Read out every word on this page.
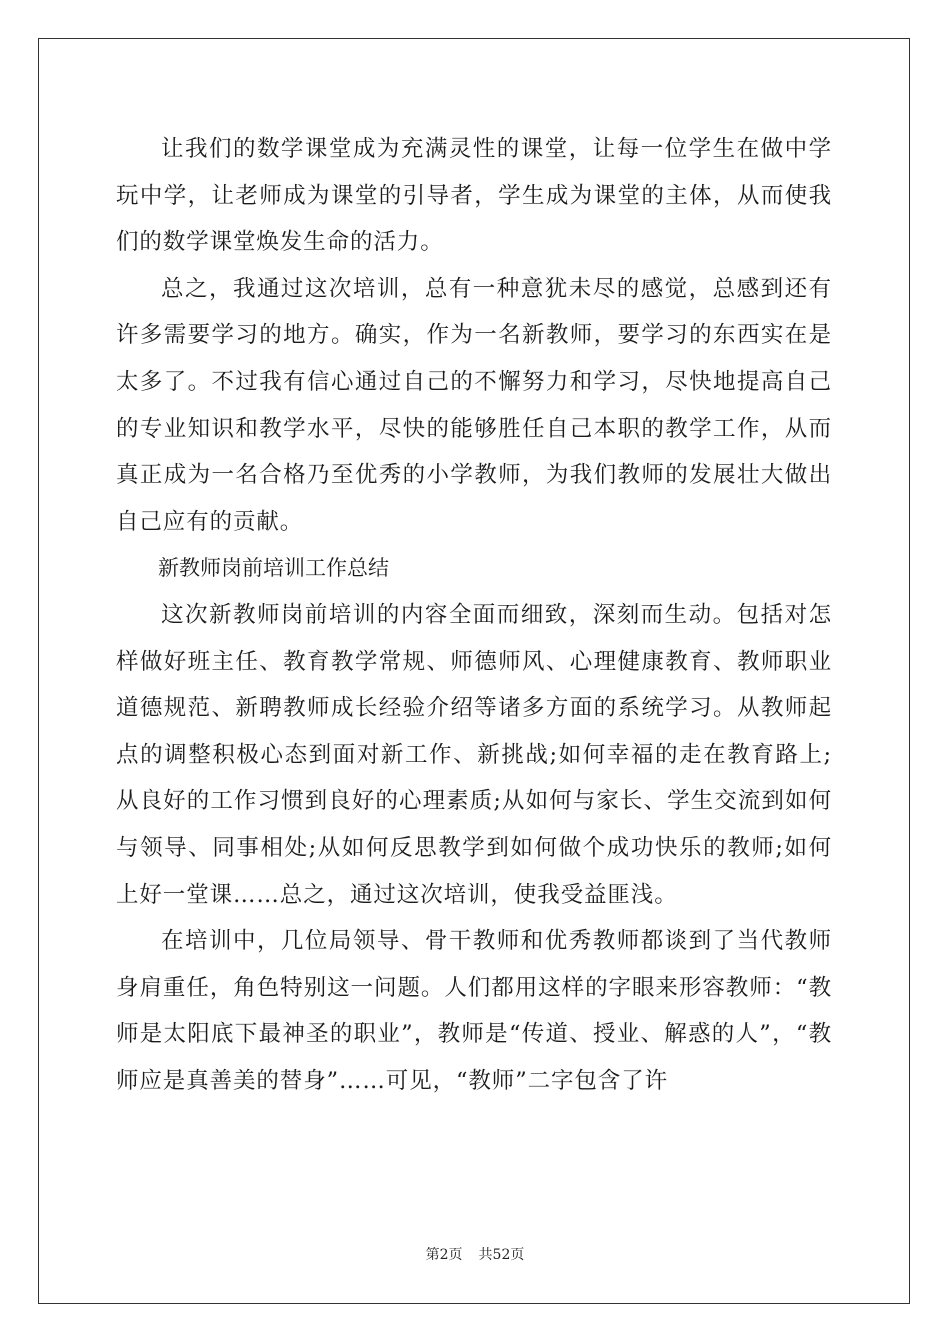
让我们的数学课堂成为充满灵性的课堂，让每一位学生在做中学玩中学，让老师成为课堂的引导者，学生成为课堂的主体，从而使我们的数学课堂焕发生命的活力。

总之，我通过这次培训，总有一种意犹未尽的感觉，总感到还有许多需要学习的地方。确实，作为一名新教师，要学习的东西实在是太多了。不过我有信心通过自己的不懈努力和学习，尽快地提高自己的专业知识和教学水平，尽快的能够胜任自己本职的教学工作，从而真正成为一名合格乃至优秀的小学教师，为我们教师的发展壮大做出自己应有的贡献。

新教师岗前培训工作总结

这次新教师岗前培训的内容全面而细致，深刻而生动。包括对怎样做好班主任、教育教学常规、师德师风、心理健康教育、教师职业道德规范、新聘教师成长经验介绍等诸多方面的系统学习。从教师起点的调整积极心态到面对新工作、新挑战;如何幸福的走在教育路上;从良好的工作习惯到良好的心理素质;从如何与家长、学生交流到如何与领导、同事相处;从如何反思教学到如何做个成功快乐的教师;如何上好一堂课……总之，通过这次培训，使我受益匪浅。

在培训中，几位局领导、骨干教师和优秀教师都谈到了当代教师身肩重任，角色特别这一问题。人们都用这样的字眼来形容教师：“教师是太阳底下最神圣的职业”，教师是“传道、授业、解惑的人”，“教师应是真善美的替身”……可见，“教师”二字包含了许

第2页 共52页
